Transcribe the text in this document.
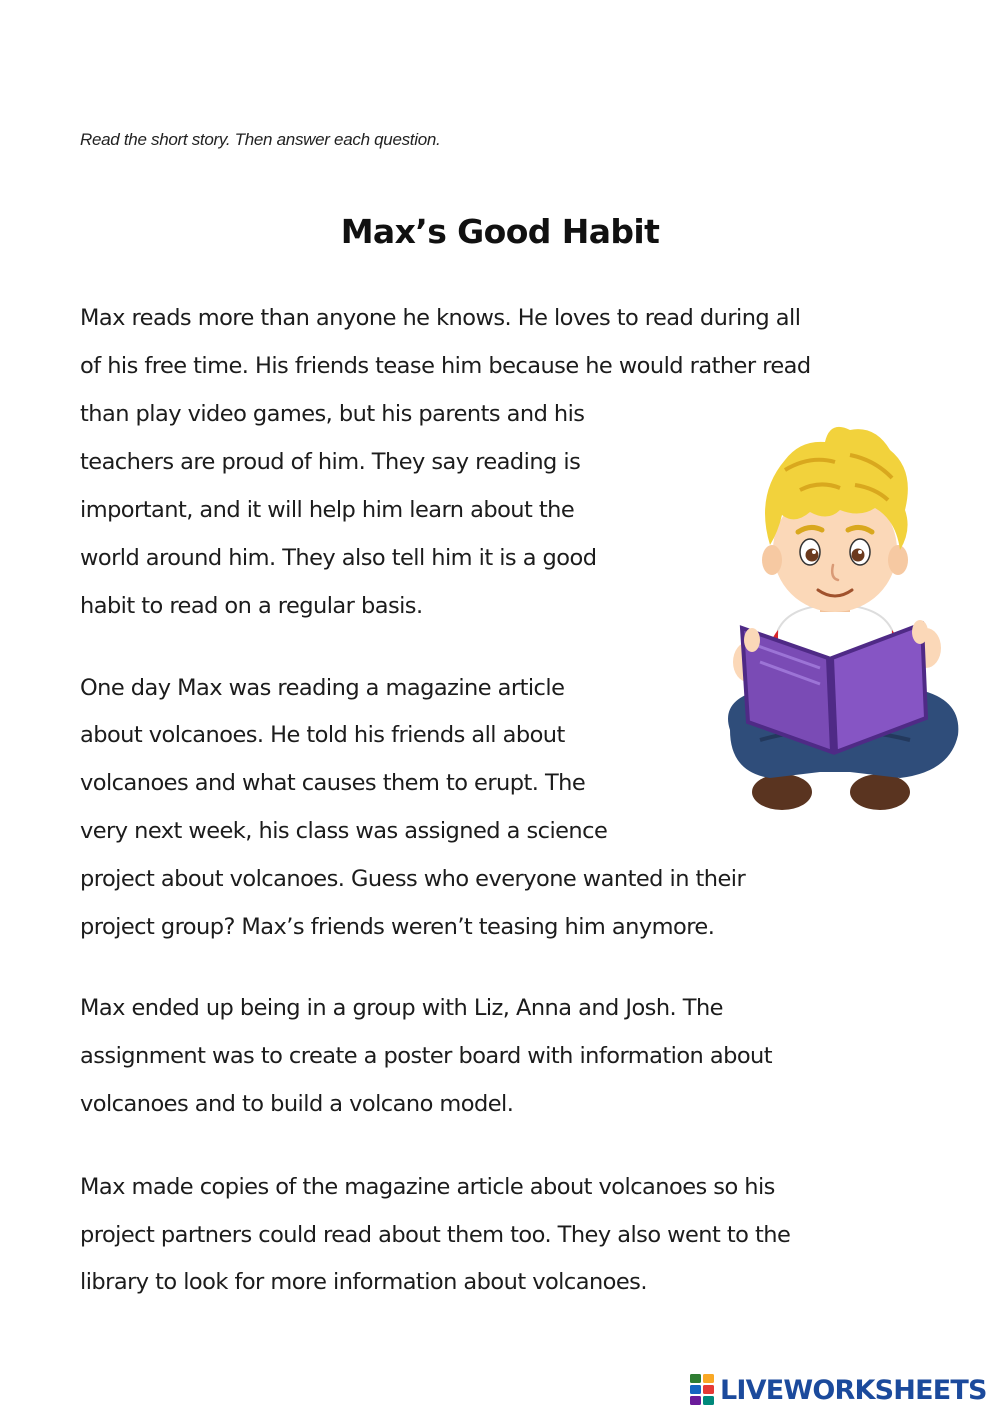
Read the short story. Then answer each question.
Max’s Good Habit
Max reads more than anyone he knows. He loves to read during all
of his free time. His friends tease him because he would rather read
than play video games, but his parents and his
teachers are proud of him. They say reading is
important, and it will help him learn about the
world around him. They also tell him it is a good
habit to read on a regular basis.
One day Max was reading a magazine article
about volcanoes. He told his friends all about
volcanoes and what causes them to erupt. The
very next week, his class was assigned a science
project about volcanoes. Guess who everyone wanted in their
project group? Max’s friends weren’t teasing him anymore.
Max ended up being in a group with Liz, Anna and Josh. The
assignment was to create a poster board with information about
volcanoes and to build a volcano model.
Max made copies of the magazine article about volcanoes so his
project partners could read about them too. They also went to the
library to look for more information about volcanoes.
LIVEWORKSHEETS
